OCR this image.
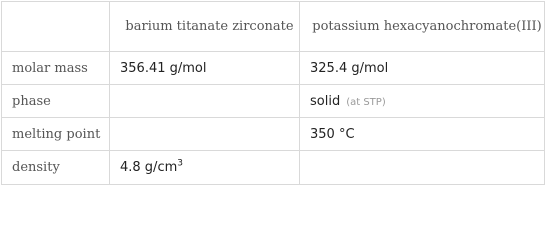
	barium titanate zirconate	potassium hexacyanochromate(III)
molar mass	356.41 g/mol	325.4 g/mol
phase		solid (at STP)
melting point		350 °C
density	4.8 $g/cm^3$	
